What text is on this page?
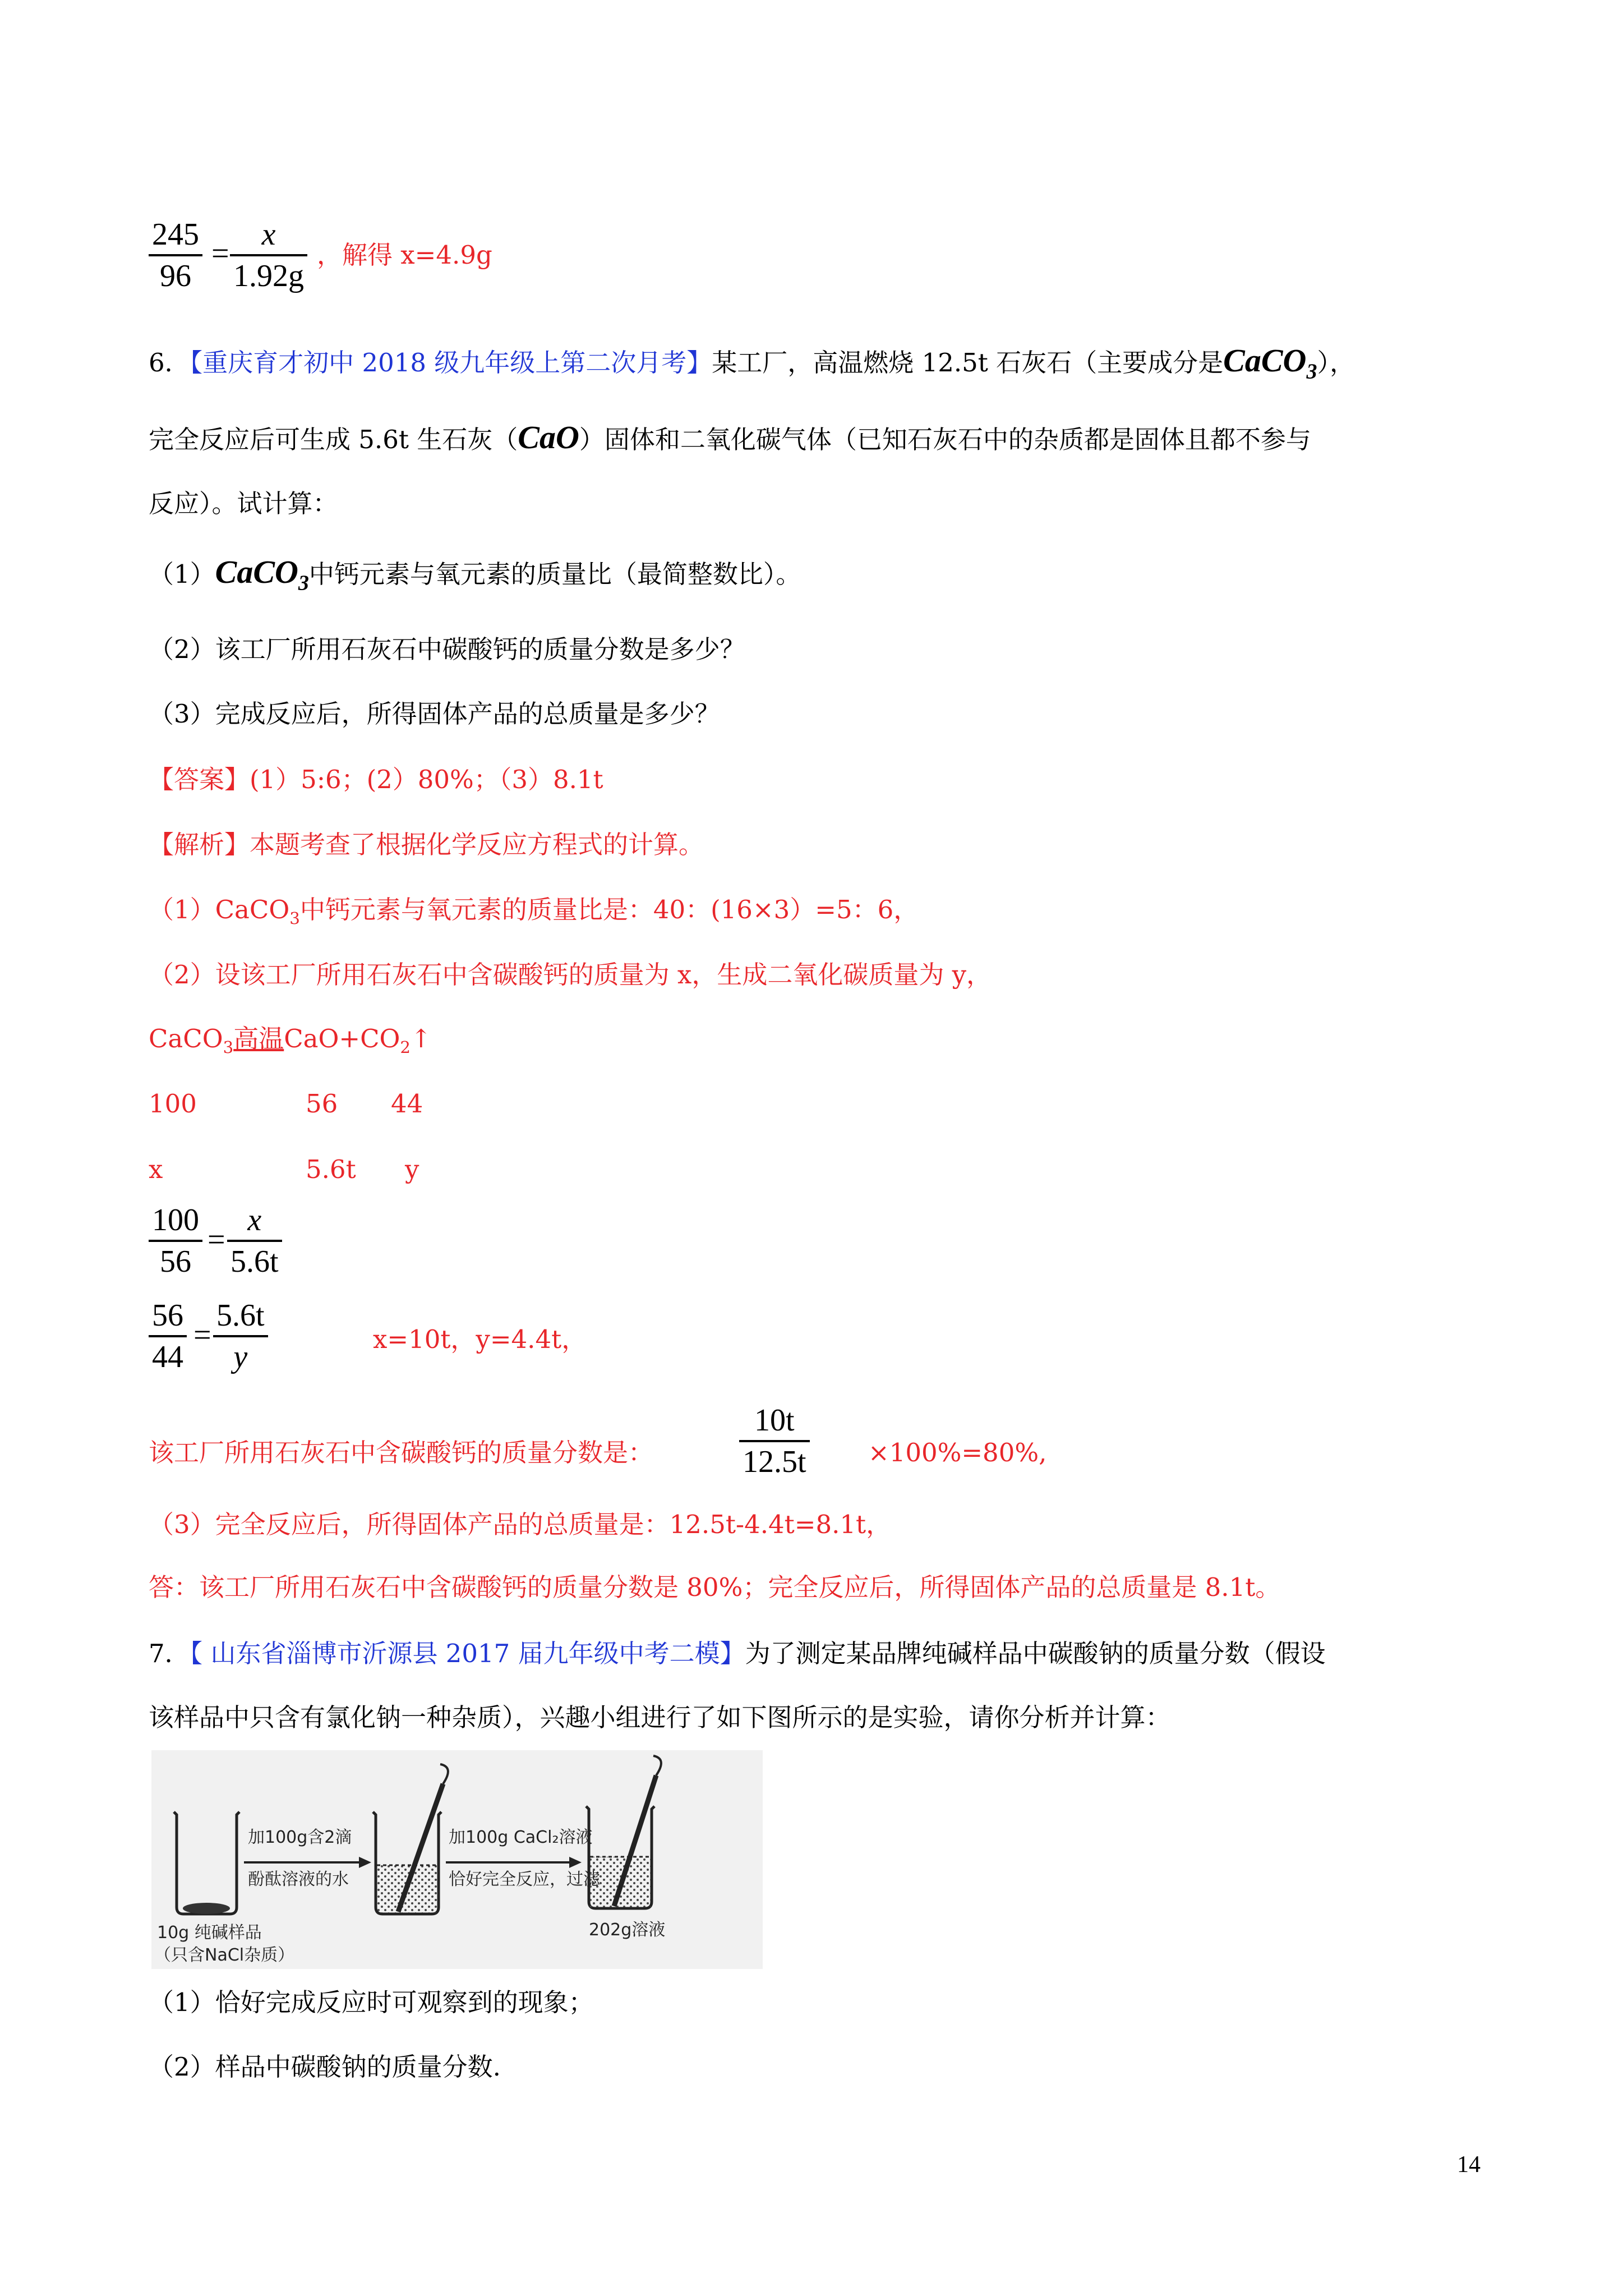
245
96
=
x
1.92g
，解得 x=4.9g
6．【重庆育才初中 2018 级九年级上第二次月考】某工厂，高温燃烧 12.5t 石灰石（主要成分是CaCO$_3$），
完全反应后可生成 5.6t 生石灰（CaO）固体和二氧化碳气体（已知石灰石中的杂质都是固体且都不参与
反应）。试计算：
（1）CaCO$_3$中钙元素与氧元素的质量比（最简整数比）。
（2）该工厂所用石灰石中碳酸钙的质量分数是多少？
（3）完成反应后，所得固体产品的总质量是多少？
【答案】(1）5:6；(2）80%；（3）8.1t
【解析】本题考查了根据化学反应方程式的计算。
（1）CaCO$_3$中钙元素与氧元素的质量比是：40：(16×3）=5：6，
（2）设该工厂所用石灰石中含碳酸钙的质量为 x，生成二氧化碳质量为 y，
CaCO$_3$高温$CaO+CO_2↑$
100	56 44
x	5.6t y
100
56
=
x
5.6t
56
44
=
5.6t
y
x=10t，y=4.4t，
该工厂所用石灰石中含碳酸钙的质量分数是：
10t
12.5t ×100%=80%,
（3）完全反应后，所得固体产品的总质量是：12.5t-4.4t=8.1t，
答：该工厂所用石灰石中含碳酸钙的质量分数是 80%；完全反应后，所得固体产品的总质量是 8.1t。
7．【 山东省淄博市沂源县 2017 届九年级中考二模】为了测定某品牌纯碱样品中碳酸钠的质量分数（假设
该样品中只含有氯化钠一种杂质），兴趣小组进行了如下图所示的是实验，请你分析并计算：
加100g含2滴
酚酞溶液的水
加100g CaCl₂溶液
恰好完全反应，过滤
10g 纯碱样品
（只含NaCl杂质）
202g溶液
（1）恰好完成反应时可观察到的现象；
（2）样品中碳酸钠的质量分数.
14
